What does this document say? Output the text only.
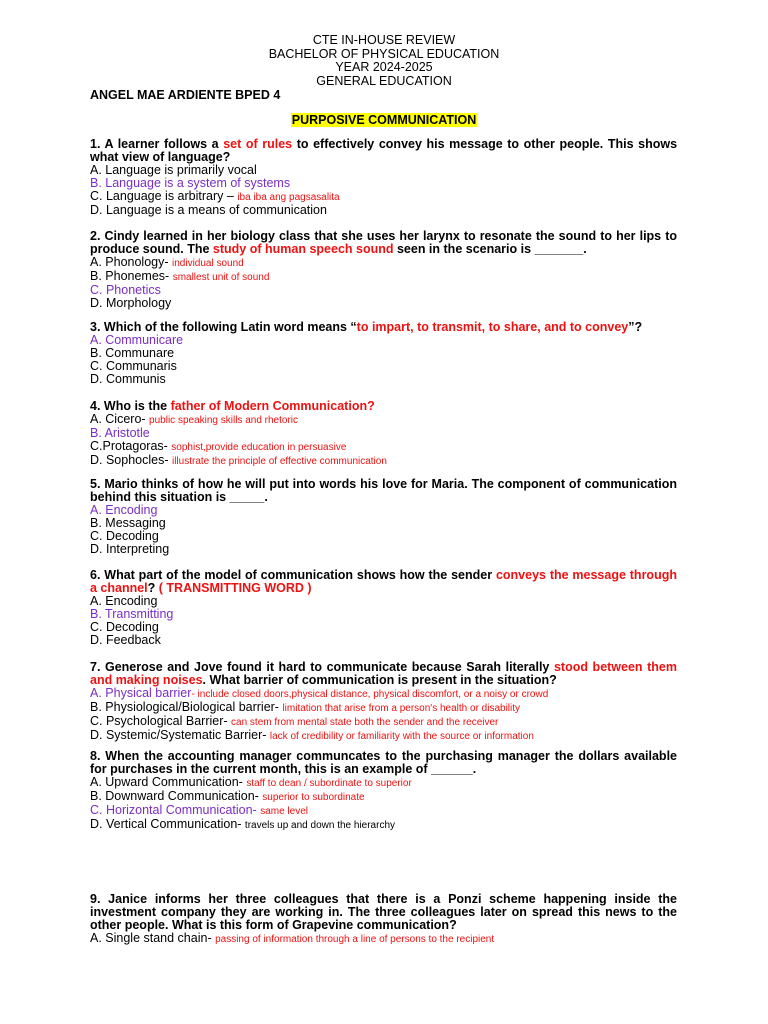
CTE IN-HOUSE REVIEW
BACHELOR OF PHYSICAL EDUCATION
YEAR 2024-2025
GENERAL EDUCATION
ANGEL MAE ARDIENTE BPED 4
PURPOSIVE COMMUNICATION
1. A learner follows a set of rules to effectively convey his message to other people. This shows what view of language?
A. Language is primarily vocal
B. Language is a system of systems
C. Language is arbitrary – iba iba ang pagsasalita
D. Language is a means of communication
2. Cindy learned in her biology class that she uses her larynx to resonate the sound to her lips to produce sound. The study of human speech sound seen in the scenario is _______.
A. Phonology- individual sound
B. Phonemes- smallest unit of sound
C. Phonetics
D. Morphology
3. Which of the following Latin word means “to impart, to transmit, to share, and to convey”?
A. Communicare
B. Communare
C. Communaris
D. Communis
4. Who is the father of Modern Communication?
A. Cicero- public speaking skills and rhetoric
B. Aristotle
C.Protagoras- sophist,provide education in persuasive
D. Sophocles- illustrate the principle of effective communication
5. Mario thinks of how he will put into words his love for Maria. The component of communication behind this situation is _____.
A. Encoding
B. Messaging
C. Decoding
D. Interpreting
6. What part of the model of communication shows how the sender conveys the message through a channel? ( TRANSMITTING WORD )
A. Encoding
B. Transmitting
C. Decoding
D. Feedback
7. Generose and Jove found it hard to communicate because Sarah literally stood between them and making noises. What barrier of communication is present in the situation?
A. Physical barrier- include closed doors,physical distance, physical discomfort, or a noisy or crowd
B. Physiological/Biological barrier- limitation that arise from a person's health or disability
C. Psychological Barrier- can stem from mental state both the sender and the receiver
D. Systemic/Systematic Barrier- lack of credibility or familiarity with the source or information
8. When the accounting manager communcates to the purchasing manager the dollars available for purchases in the current month, this is an example of ______.
A. Upward Communication- staff to dean / subordinate to superior
B. Downward Communication- superior to subordinate
C. Horizontal Communication- same level
D. Vertical Communication- travels up and down the hierarchy
9. Janice informs her three colleagues that there is a Ponzi scheme happening inside the investment company they are working in. The three colleagues later on spread this news to the other people. What is this form of Grapevine communication?
A. Single stand chain- passing of information through a line of persons to the recipient
